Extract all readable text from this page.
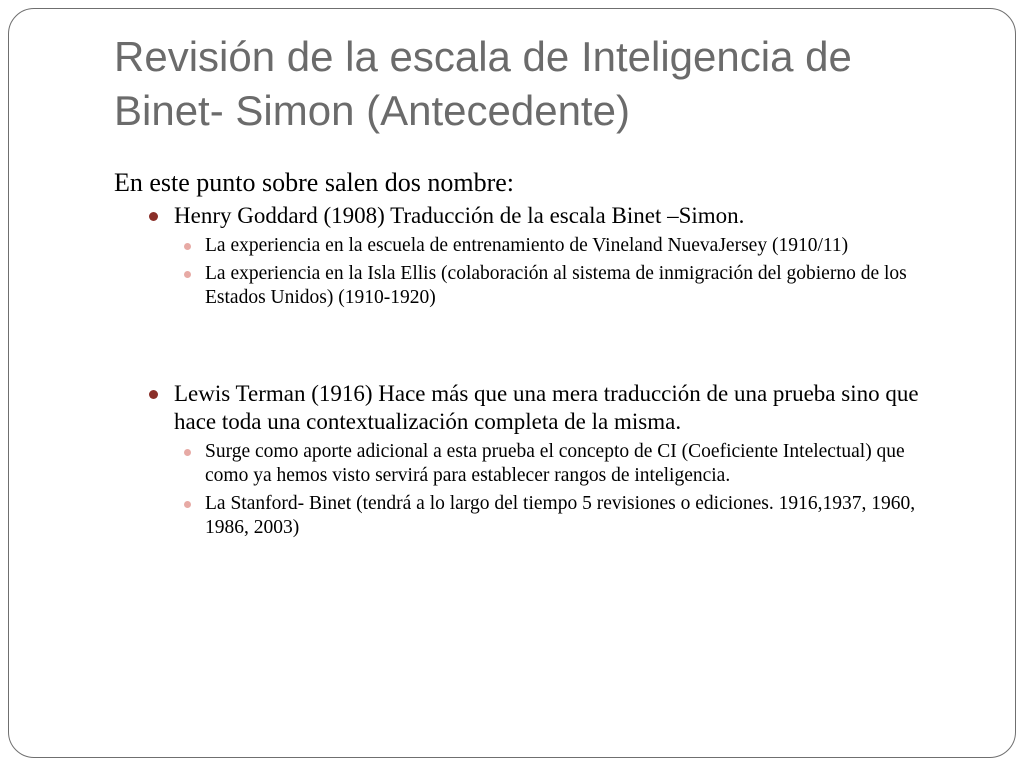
Revisión de la escala de Inteligencia de
Binet- Simon (Antecedente)

En este punto sobre salen dos nombre:

Henry Goddard (1908) Traducción de la escala Binet –Simon.
La experiencia en la escuela de entrenamiento de Vineland NuevaJersey (1910/11)
La experiencia en la Isla Ellis (colaboración al sistema de inmigración del gobierno de los Estados Unidos) (1910-1920)
Lewis Terman (1916) Hace más que una mera traducción de una prueba sino que hace toda una contextualización completa de la misma.
Surge como aporte adicional a esta prueba el concepto de CI (Coeficiente Intelectual) que como ya hemos visto servirá para establecer rangos de inteligencia.
La Stanford- Binet (tendrá a lo largo del tiempo 5 revisiones o ediciones. 1916,1937, 1960, 1986, 2003)
